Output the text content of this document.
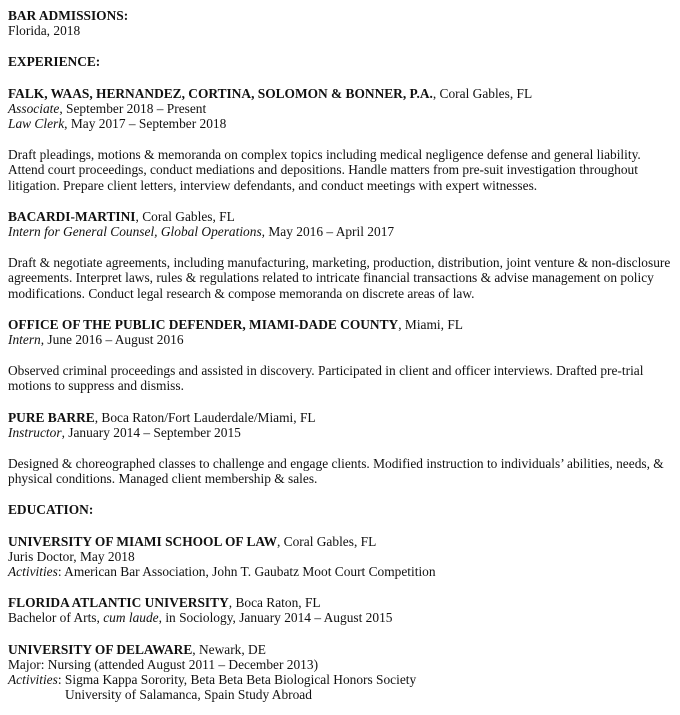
BAR ADMISSIONS:
Florida, 2018
EXPERIENCE:
FALK, WAAS, HERNANDEZ, CORTINA, SOLOMON & BONNER, P.A., Coral Gables, FL
Associate, September 2018 – Present
Law Clerk, May 2017 – September 2018
Draft pleadings, motions & memoranda on complex topics including medical negligence defense and general liability. Attend court proceedings, conduct mediations and depositions. Handle matters from pre-suit investigation throughout litigation. Prepare client letters, interview defendants, and conduct meetings with expert witnesses.
BACARDI-MARTINI, Coral Gables, FL
Intern for General Counsel, Global Operations, May 2016 – April 2017
Draft & negotiate agreements, including manufacturing, marketing, production, distribution, joint venture & non-disclosure agreements. Interpret laws, rules & regulations related to intricate financial transactions & advise management on policy modifications. Conduct legal research & compose memoranda on discrete areas of law.
OFFICE OF THE PUBLIC DEFENDER, MIAMI-DADE COUNTY, Miami, FL
Intern, June 2016 – August 2016
Observed criminal proceedings and assisted in discovery. Participated in client and officer interviews. Drafted pre-trial motions to suppress and dismiss.
PURE BARRE, Boca Raton/Fort Lauderdale/Miami, FL
Instructor, January 2014 – September 2015
Designed & choreographed classes to challenge and engage clients. Modified instruction to individuals’ abilities, needs, & physical conditions. Managed client membership & sales.
EDUCATION:
UNIVERSITY OF MIAMI SCHOOL OF LAW, Coral Gables, FL
Juris Doctor, May 2018
Activities: American Bar Association, John T. Gaubatz Moot Court Competition
FLORIDA ATLANTIC UNIVERSITY, Boca Raton, FL
Bachelor of Arts, cum laude, in Sociology, January 2014 – August 2015
UNIVERSITY OF DELAWARE, Newark, DE
Major: Nursing (attended August 2011 – December 2013)
Activities: Sigma Kappa Sorority, Beta Beta Beta Biological Honors Society
University of Salamanca, Spain Study Abroad
